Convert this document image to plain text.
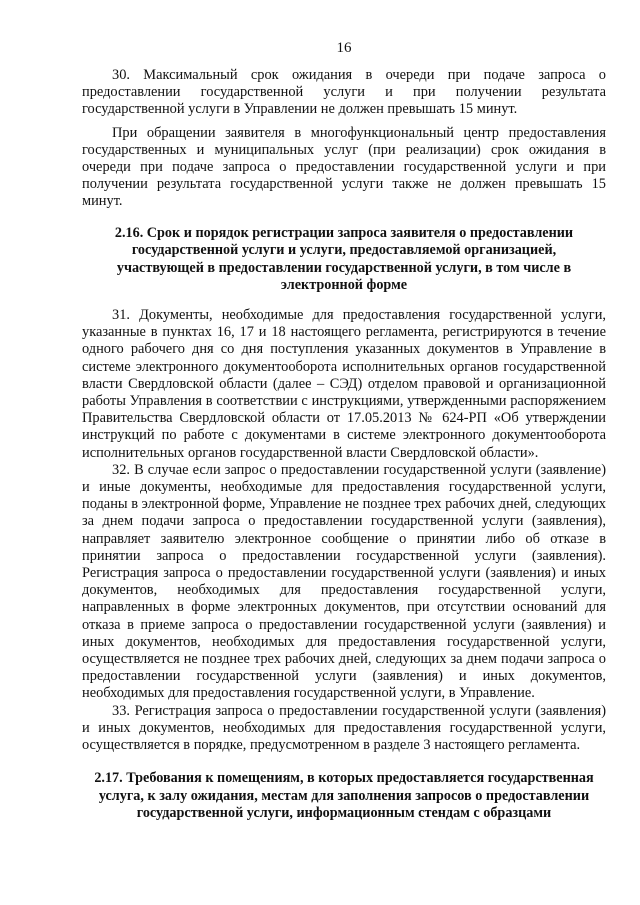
16

30. Максимальный срок ожидания в очереди при подаче запроса о предоставлении государственной услуги и при получении результата государственной услуги в Управлении не должен превышать 15 минут.

При обращении заявителя в многофункциональный центр предоставления государственных и муниципальных услуг (при реализации) срок ожидания в очереди при подаче запроса о предоставлении государственной услуги и при получении результата государственной услуги также не должен превышать 15 минут.

2.16. Срок и порядок регистрации запроса заявителя о предоставлении государственной услуги и услуги, предоставляемой организацией, участвующей в предоставлении государственной услуги, в том числе в электронной форме

31. Документы, необходимые для предоставления государственной услуги, указанные в пунктах 16, 17 и 18 настоящего регламента, регистрируются в течение одного рабочего дня со дня поступления указанных документов в Управление в системе электронного документооборота исполнительных органов государственной власти Свердловской области (далее – СЭД) отделом правовой и организационной работы Управления в соответствии с инструкциями, утвержденными распоряжением Правительства Свердловской области от 17.05.2013 № 624-РП «Об утверждении инструкций по работе с документами в системе электронного документооборота исполнительных органов государственной власти Свердловской области».

32. В случае если запрос о предоставлении государственной услуги (заявление) и иные документы, необходимые для предоставления государственной услуги, поданы в электронной форме, Управление не позднее трех рабочих дней, следующих за днем подачи запроса о предоставлении государственной услуги (заявления), направляет заявителю электронное сообщение о принятии либо об отказе в принятии запроса о предоставлении государственной услуги (заявления). Регистрация запроса о предоставлении государственной услуги (заявления) и иных документов, необходимых для предоставления государственной услуги, направленных в форме электронных документов, при отсутствии оснований для отказа в приеме запроса о предоставлении государственной услуги (заявления) и иных документов, необходимых для предоставления государственной услуги, осуществляется не позднее трех рабочих дней, следующих за днем подачи запроса о предоставлении государственной услуги (заявления) и иных документов, необходимых для предоставления государственной услуги, в Управление.

33. Регистрация запроса о предоставлении государственной услуги (заявления) и иных документов, необходимых для предоставления государственной услуги, осуществляется в порядке, предусмотренном в разделе 3 настоящего регламента.

2.17. Требования к помещениям, в которых предоставляется государственная услуга, к залу ожидания, местам для заполнения запросов о предоставлении государственной услуги, информационным стендам с образцами
